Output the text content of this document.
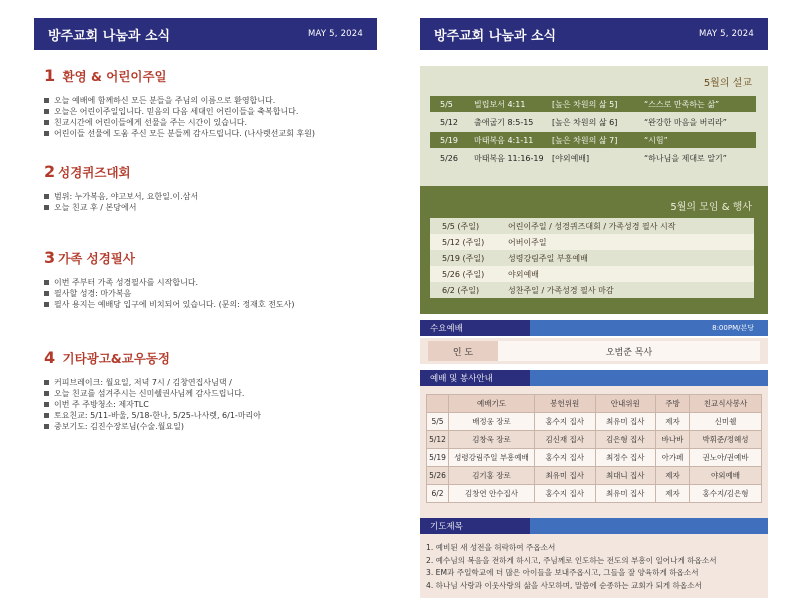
방주교회 나눔과 소식	MAY 5, 2024
1 환영 & 어린이주일
오늘 예배에 함께하신 모든 분들을 주님의 이름으로 환영합니다.
오늘은 어린이주일입니다. 믿음의 다음 세대인 어린이들을 축복합니다.
친교시간에 어린이들에게 선물을 주는 시간이 있습니다.
어린이들 선물에 도움 주신 모든 분들께 감사드립니다. (나사렛선교회 후원)
2 성경퀴즈대회
범위: 누가복음, 야고보서, 요한일.이.삼서
오늘 친교 후 / 본당에서
3 가족 성경필사
이번 주부터 가족 성경필사를 시작합니다.
필사할 성경: 마가복음
필사 용지는 예배당 입구에 비치되어 있습니다. (문의: 정재호 전도사)
4 기타광고&교우동정
커피브레이크: 월요일, 저녁 7시 / 김창연집사님댁 /
오늘 친교를 섬겨주시는 신미쉘권사님께 감사드립니다.
이번 주 주방청소: 제자TLC
토요친교: 5/11-바울, 5/18-한나, 5/25-나사렛, 6/1-마리아
중보기도: 김진수장로님(수술.월요일)
방주교회 나눔과 소식	MAY 5, 2024
5월의 설교
5/5	빌립보서 4:11	[높은 차원의 삶 5]	“스스로 만족하는 삶”
5/12	출애굽기 8:5-15	[높은 차원의 삶 6]	“완강한 마음을 버리라”
5/19	마태복음 4:1-11	[높은 차원의 삶 7]	“시험”
5/26	마태복음 11:16-19	[야외예배]	“하나님을 제대로 알기”
5월의 모임 & 행사
5/5 (주일)	어린이주일 / 성경퀴즈대회 / 가족성경 필사 시작
5/12 (주일)	어버이주일
5/19 (주일)	성령강림주일 부흥예배
5/26 (주일)	야외예배
6/2 (주일)	성찬주일 / 가족성경 필사 마감
수요예배	8:00PM/본당
인 도	오범준 목사
예배 및 봉사안내
	예배기도	봉헌위원	안내위원	주방	친교식사봉사
5/5	배정웅 장로	홍수지 집사	최유미 집사	제자	신미쉘
5/12	김창욱 장로	김신재 집사	김은형 집사	바나바	박휘준/정혜성
5/19	성령강림주일 부흥예배	홍수지 집사	최정수 집사	아가페	권노아/권예바
5/26	김기홍 장로	최유미 집사	최대니 집사	제자	야외예배
6/2	김창연 안수집사	홍수지 집사	최유미 집사	제자	홍수지/김은형
기도제목
1. 예비된 새 성전을 허락하여 주옵소서
2. 예수님의 복음을 전하게 하시고, 주님께로 인도하는 전도의 부흥이 일어나게 하옵소서
3. EM과 주일학교에 더 많은 아이들을 보내주옵시고, 그들을 잘 양육하게 하옵소서
4. 하나님 사랑과 이웃사랑의 삶을 사모하며, 말씀에 순종하는 교회가 되게 하옵소서
